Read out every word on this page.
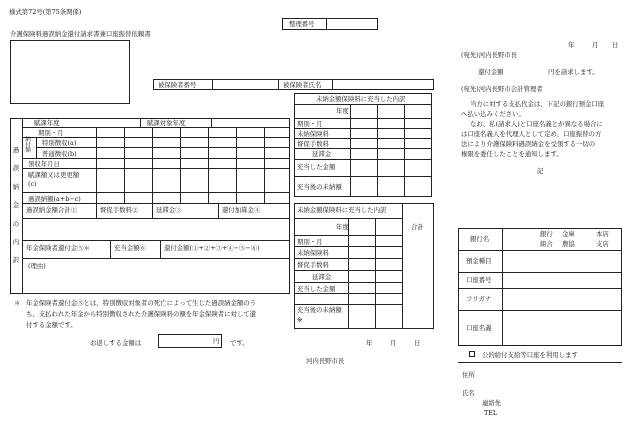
様式第72号(第75条関係)
整理番号
介護保険料過誤納金還付請求書兼口座振替依頼書
年	月 日
(宛先)河内長野市長
還付金額	円を請求します。
(宛先)河内長野市会計管理者
当方に対する支払代金は、下記の銀行預金口座
へ払い込みください。
なお、私(請求人)と口座名義とが異なる場合に
は口座名義人を代理人として定め、口座振替の方
法により介護保険料過誤納金を受領する一切の
権限を委任したことを通知します。
記
被保険者番号	被保険者氏名
過
誤
納
金
の
内
訳
賦課年度	賦課対象年度
期別・月
納付額
特別徴収(a)
普通徴収(b)
領収年月日
賦課額又は更更額
(c)
過誤納額(a+b−c)
過誤納金額合計①	督促手数料②	延滞金③	還付加算金④
年金保険者還付金⑤＊	充当金額⑥	還付金額(①+②+③+④−⑤−⑥)
(理由)
未納金額保険料に充当した内訳
年度
期別・月
未納保険料
督促手数料
延滞金
充当した金額
充当後の未納額
未納金額保険料に充当した内訳
合計
年度
期別・月
未納保険料
督促手数料
延滞金
充当した金額
充当後の未納額
※
＊ 年金保険者還付金⑤とは、特別徴収対象者の死亡によって生じた過誤納金額のう
ち、支払われた年金から特別徴収された介護保険料の額を年金保険者に対して還
付する金額です。
お返しする金額は	円 です。	年	月	日
河内長野市長
銀行名
銀行 金庫	本店
組合 農協	支店
預金種目
口座番号
フリガナ
口座名義
公的給付支給等口座を利用します
住所
氏名
連絡先
TEL
